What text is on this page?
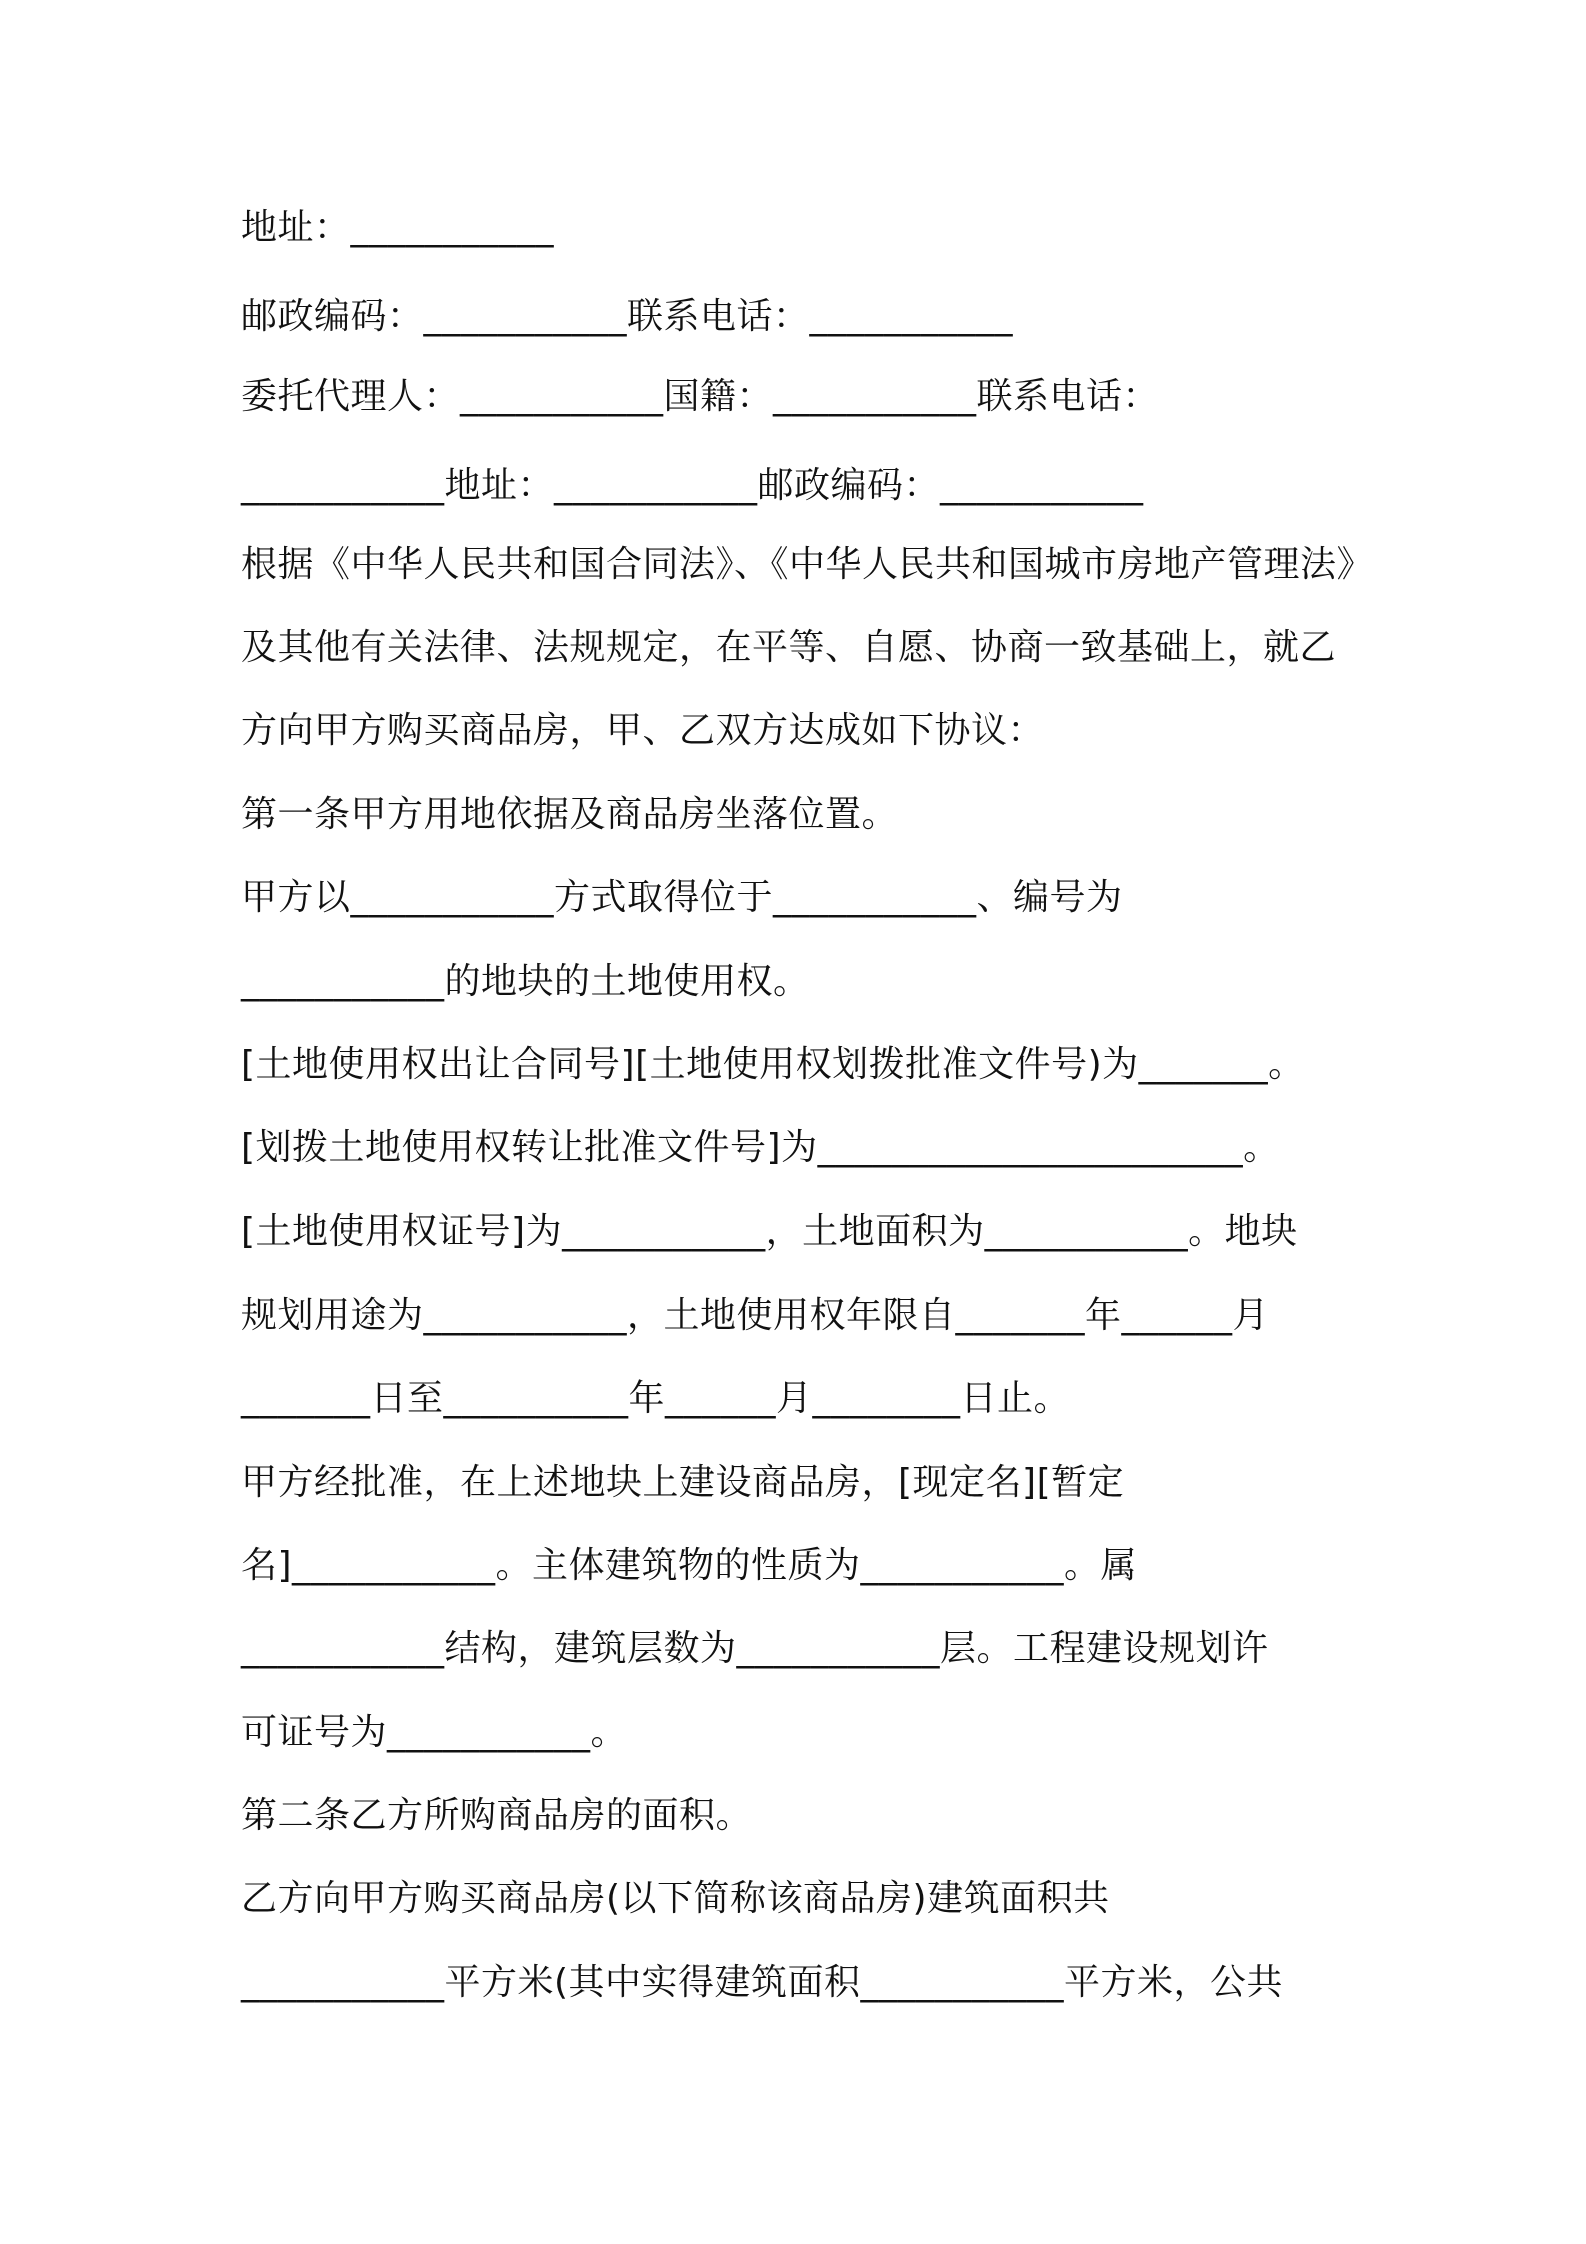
地址：___________
邮政编码：___________联系电话：___________
委托代理人：___________国籍：___________联系电话：
___________地址：___________邮政编码：___________
根据《中华人民共和国合同法》、《中华人民共和国城市房地产管理法》
及其他有关法律、法规规定，在平等、自愿、协商一致基础上，就乙
方向甲方购买商品房，甲、乙双方达成如下协议：
第一条甲方用地依据及商品房坐落位置。
甲方以___________方式取得位于___________、编号为
___________的地块的土地使用权。
[土地使用权出让合同号][土地使用权划拨批准文件号)为_______。
[划拨土地使用权转让批准文件号]为_______________________。
[土地使用权证号]为___________，土地面积为___________。地块
规划用途为___________，土地使用权年限自_______年______月
_______日至__________年______月________日止。
甲方经批准，在上述地块上建设商品房，[现定名][暂定
名]___________。主体建筑物的性质为___________。属
___________结构，建筑层数为___________层。工程建设规划许
可证号为___________。
第二条乙方所购商品房的面积。
乙方向甲方购买商品房(以下简称该商品房)建筑面积共
___________平方米(其中实得建筑面积___________平方米，公共
